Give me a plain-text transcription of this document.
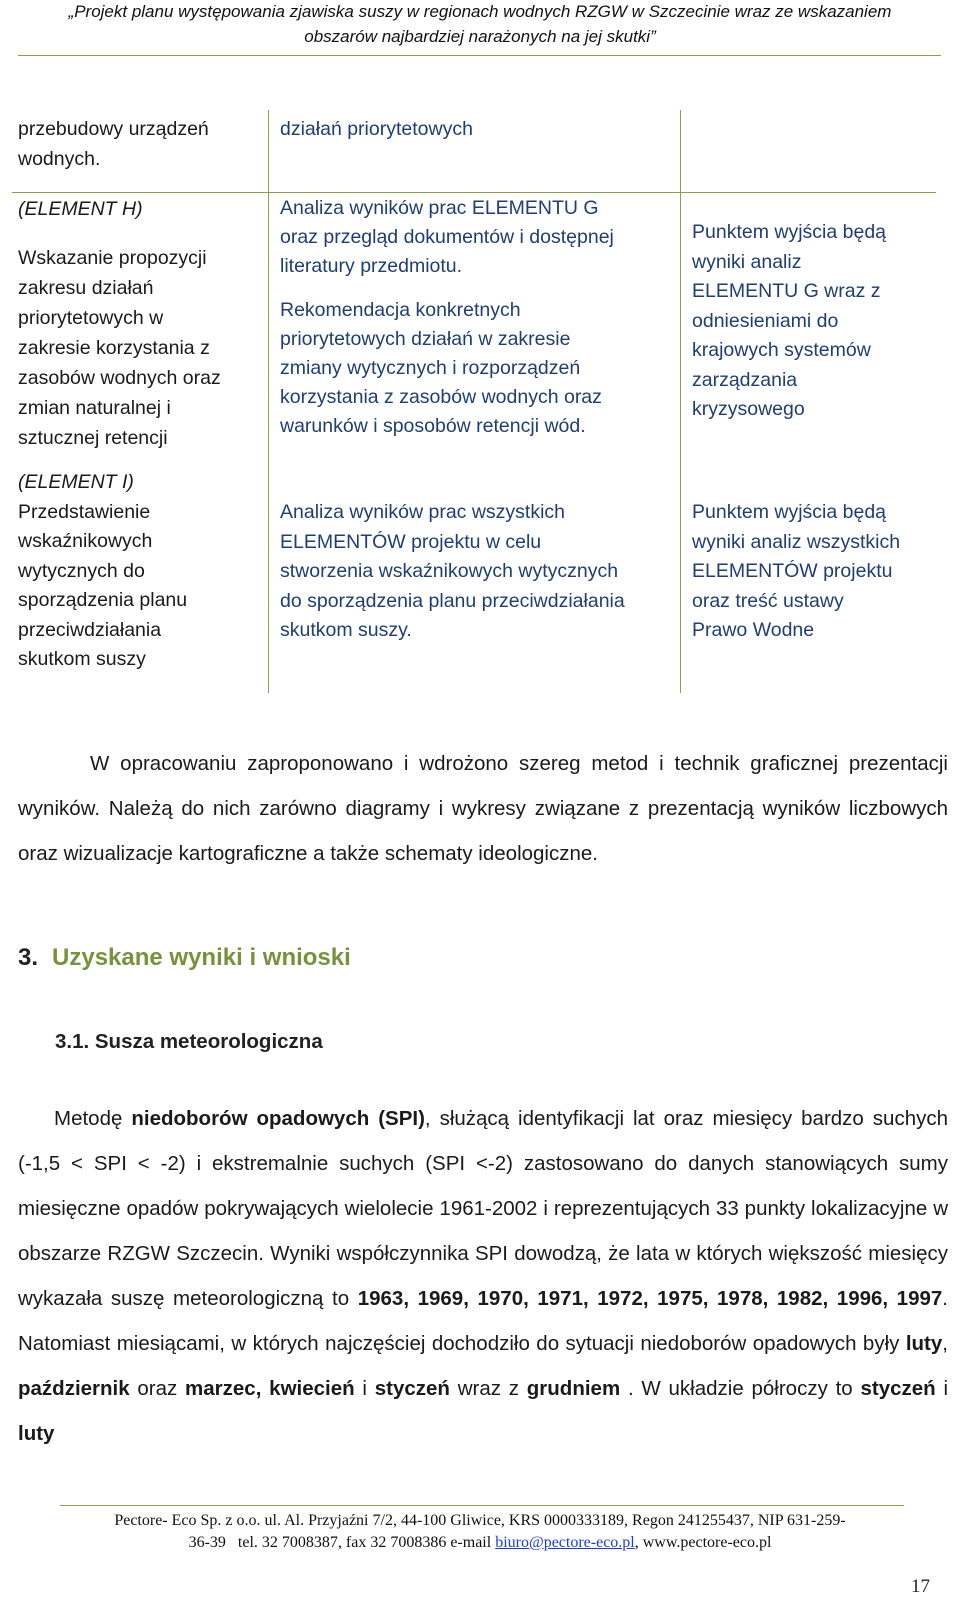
„Projekt planu występowania zjawiska suszy w regionach wodnych RZGW w Szczecinie wraz ze wskazaniem
obszarów najbardziej narażonych na jej skutki”

przebudowy urządzeń

wodnych.

działań priorytetowych

(ELEMENT H)

Wskazanie propozycji

zakresu działań

priorytetowych w

zakresie korzystania z

zasobów wodnych oraz

zmian naturalnej i

sztucznej retencji

Analiza wyników prac ELEMENTU G

oraz przegląd dokumentów i dostępnej

literatury przedmiotu.

Rekomendacja konkretnych

priorytetowych działań w zakresie

zmiany wytycznych i rozporządzeń

korzystania z zasobów wodnych oraz

warunków i sposobów retencji wód.

Punktem wyjścia będą

wyniki analiz

ELEMENTU G wraz z

odniesieniami do

krajowych systemów

zarządzania

kryzysowego

(ELEMENT I)

Przedstawienie

wskaźnikowych

wytycznych do

sporządzenia planu

przeciwdziałania

skutkom suszy

Analiza wyników prac wszystkich

ELEMENTÓW projektu w celu

stworzenia wskaźnikowych wytycznych

do sporządzenia planu przeciwdziałania

skutkom suszy.

Punktem wyjścia będą

wyniki analiz wszystkich

ELEMENTÓW projektu

oraz treść ustawy

Prawo Wodne

W opracowaniu zaproponowano i wdrożono szereg metod i technik graficznej prezentacji wyników. Należą do nich zarówno diagramy i wykresy związane z prezentacją wyników liczbowych oraz wizualizacje kartograficzne a także schematy ideologiczne.
3. Uzyskane wyniki i wnioski
3.1. Susza meteorologiczna
Metodę niedoborów opadowych (SPI), służącą identyfikacji lat oraz miesięcy bardzo suchych (-1,5 < SPI < -2) i ekstremalnie suchych (SPI <-2) zastosowano do danych stanowiących sumy miesięczne opadów pokrywających wielolecie 1961-2002 i reprezentujących 33 punkty lokalizacyjne w obszarze RZGW Szczecin. Wyniki współczynnika SPI dowodzą, że lata w których większość miesięcy wykazała suszę meteorologiczną to 1963, 1969, 1970, 1971, 1972, 1975, 1978, 1982, 1996, 1997. Natomiast miesiącami, w których najczęściej dochodziło do sytuacji niedoborów opadowych były luty, październik oraz marzec, kwiecień i styczeń wraz z grudniem . W układzie półroczy to styczeń i luty
Pectore- Eco Sp. z o.o. ul. Al. Przyjaźni 7/2, 44-100 Gliwice, KRS 0000333189, Regon 241255437, NIP 631-259-
36-39   tel. 32 7008387, fax 32 7008386 e-mail biuro@pectore-eco.pl, www.pectore-eco.pl
17
